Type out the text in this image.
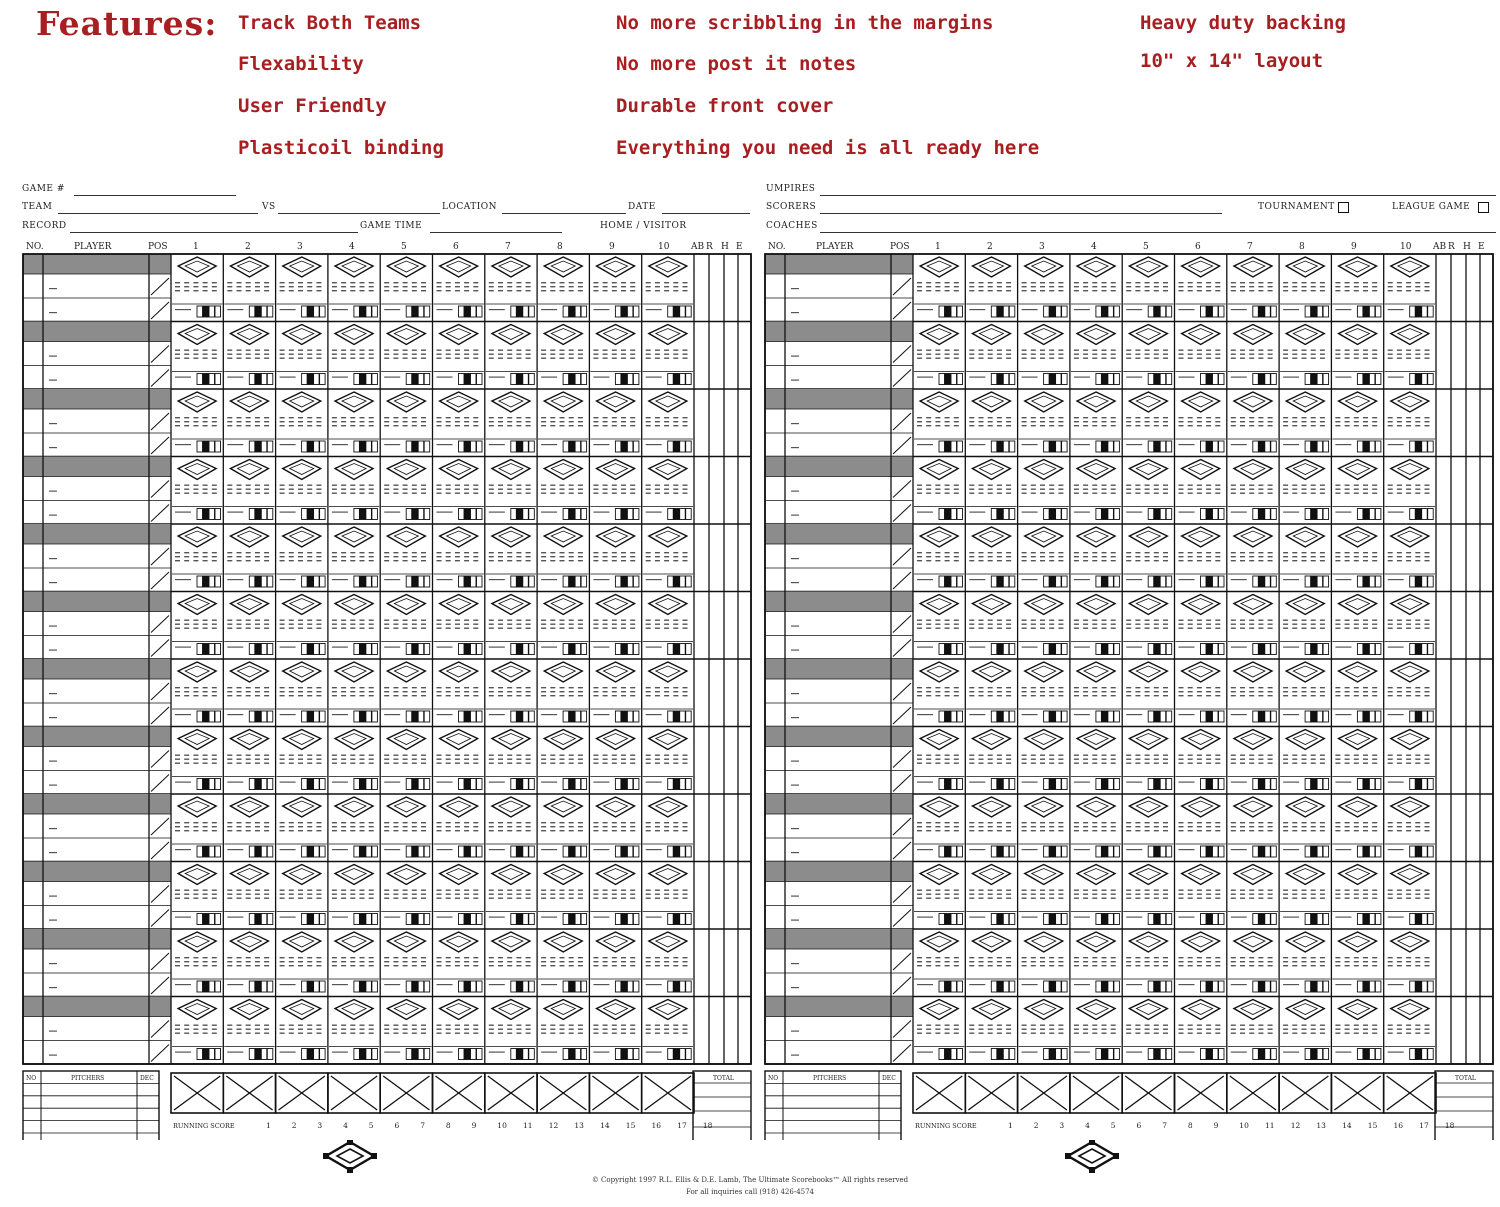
Features: Track Both Teams
Flexability
User Friendly
Plasticoil binding
No more scribbling in the margins
No more post it notes
Durable front cover
Everything you need is all ready here
Heavy duty backing
10" x 14" layout
GAME #
TEAM	VS	LOCATION	DATE
RECORD	GAME TIME	HOME / VISITOR
NO.	PLAYER	POS	1	2	3	4	5	6	7	8	9	10 AB R H E
NO	PITCHERS	DEC	TOTAL
RUNNING SCORE	1	2	3	4	5	6	7	8	9	10 11 12 13 14 15 16 17 18
UMPIRES
SCORERS	TOURNAMENT	LEAGUE GAME
COACHES
NO.	PLAYER	POS	1	2	3	4	5	6	7	8	9	10 AB R H E
NO	PITCHERS	DEC	TOTAL
RUNNING SCORE	1	2	3	4	5	6	7	8	9	10 11 12 13 14 15 16 17 18
© Copyright 1997 R.L. Ellis & D.E. Lamb, The Ultimate Scorebooks™ All rights reserved
For all inquiries call (918) 426-4574
